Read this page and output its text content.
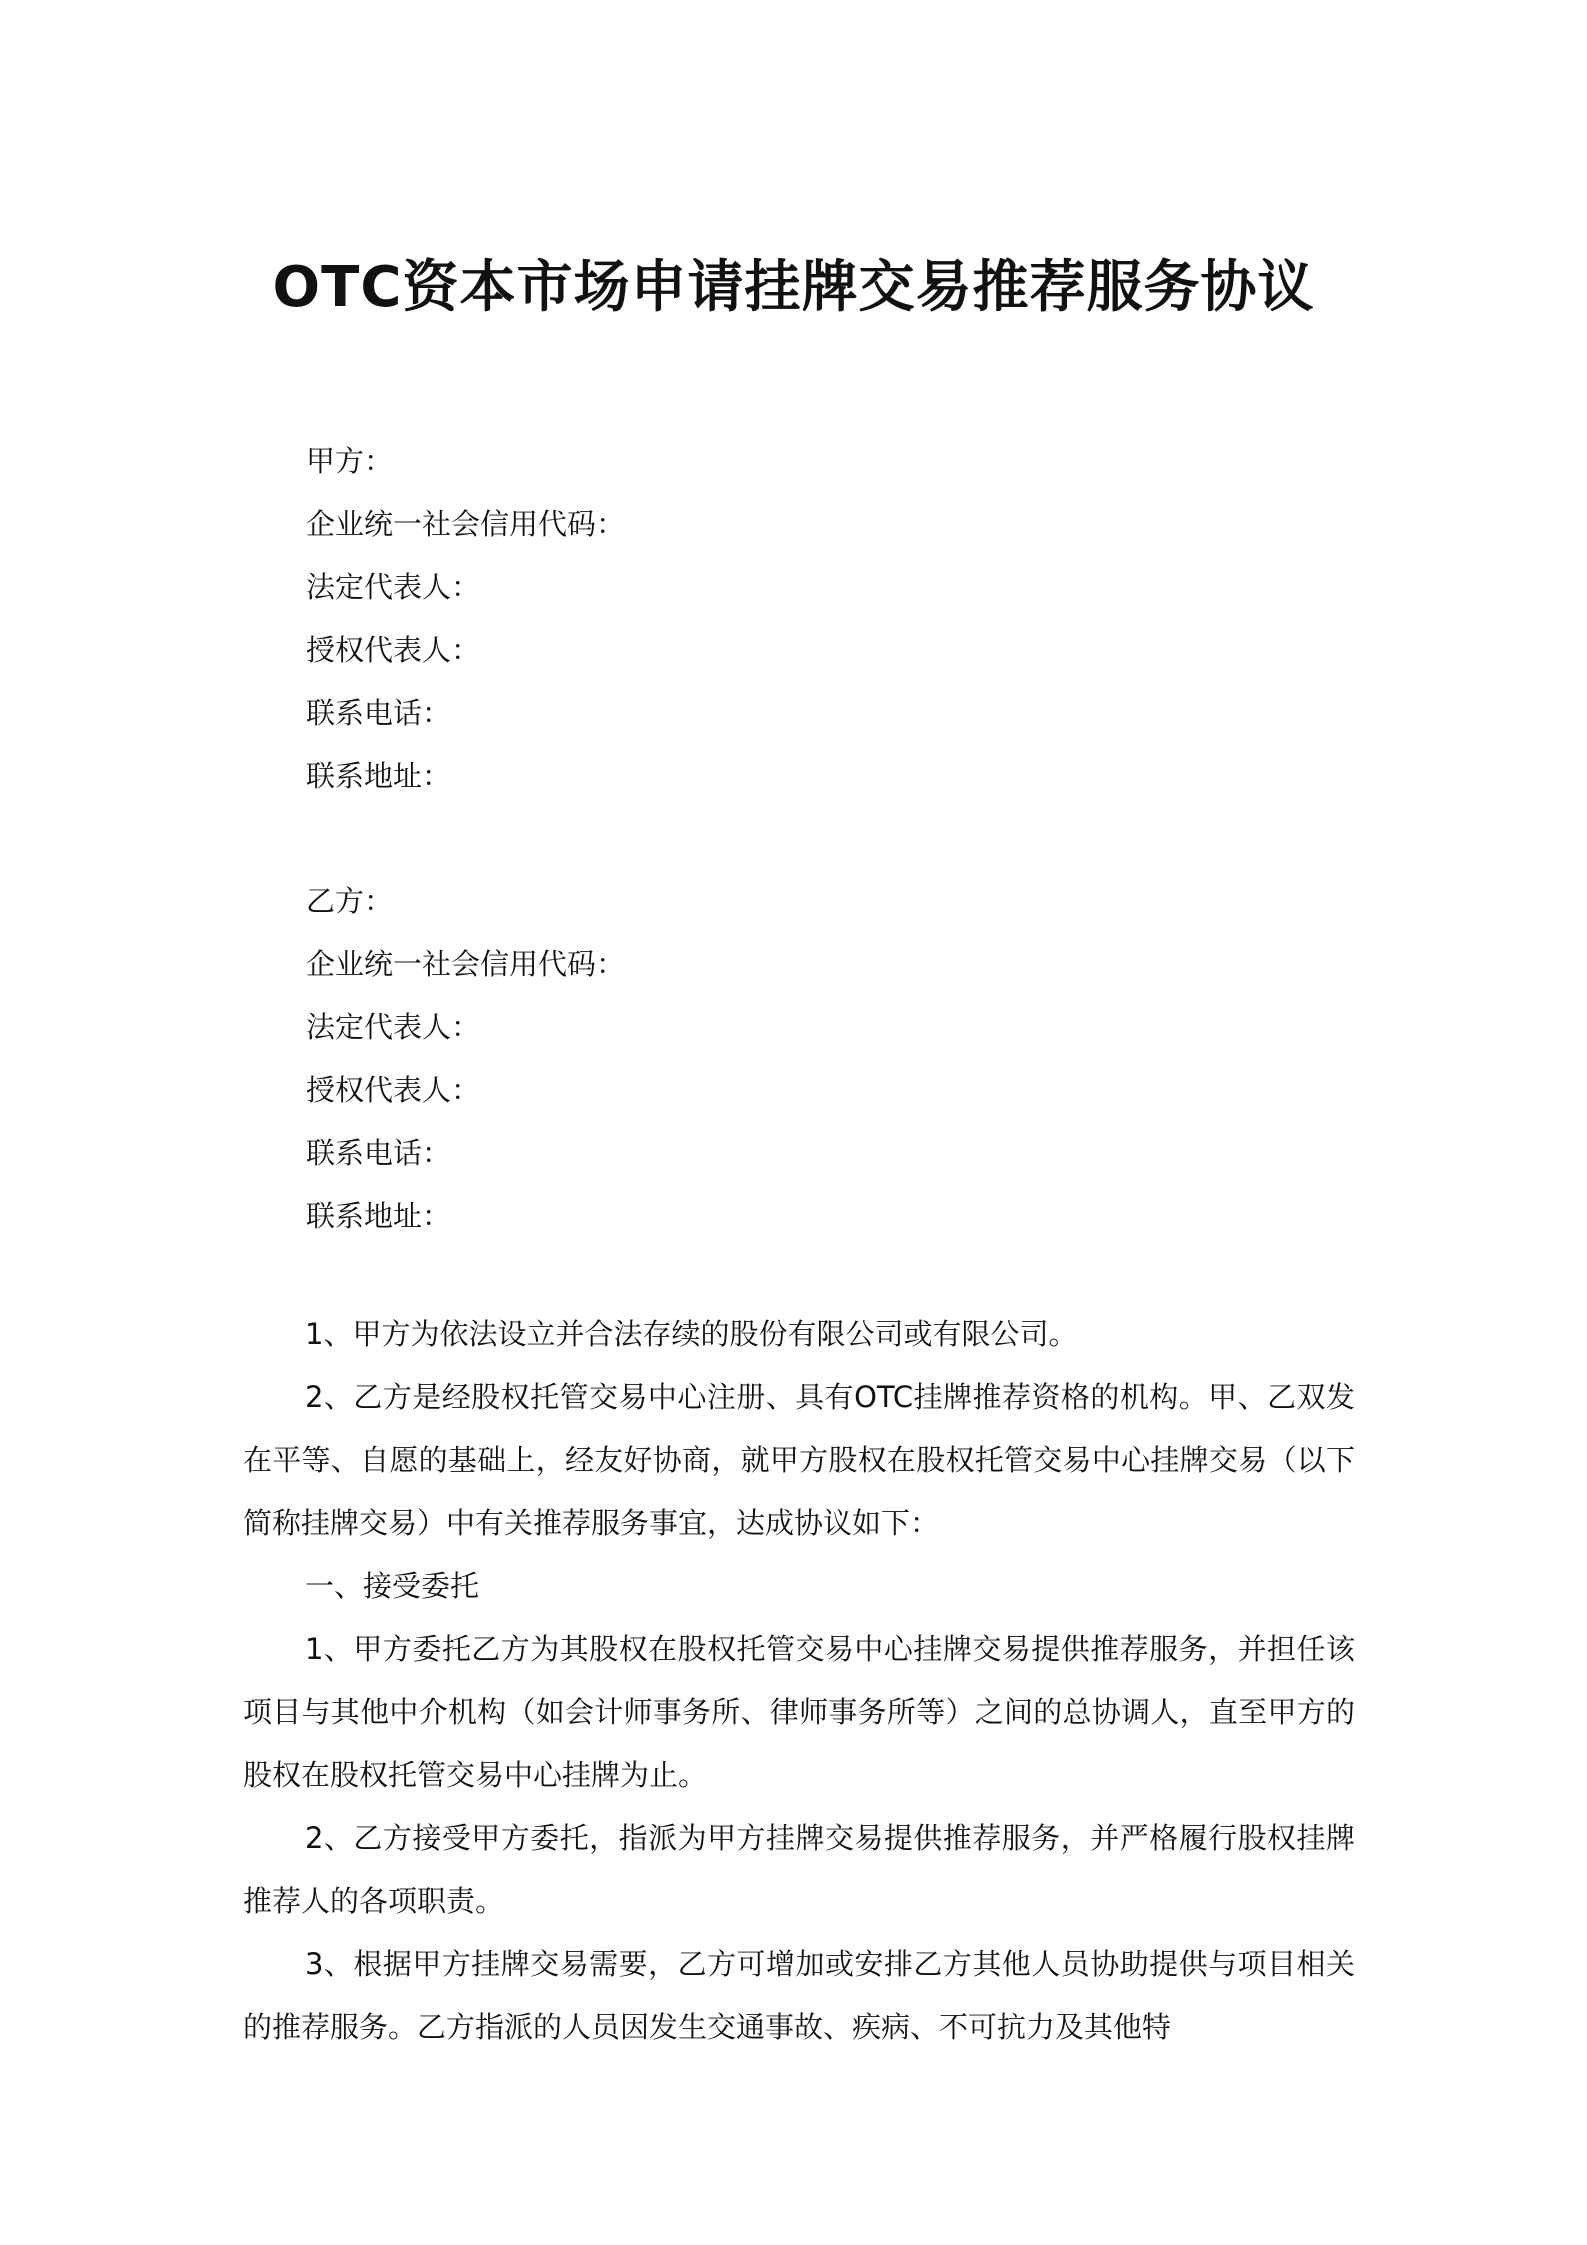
OTC资本市场申请挂牌交易推荐服务协议
甲方：
企业统一社会信用代码：
法定代表人：
授权代表人：
联系电话：
联系地址：
乙方：
企业统一社会信用代码：
法定代表人：
授权代表人：
联系电话：
联系地址：

1、甲方为依法设立并合法存续的股份有限公司或有限公司。

2、乙方是经股权托管交易中心注册、具有OTC挂牌推荐资格的机构。甲、乙双发在平等、自愿的基础上，经友好协商，就甲方股权在股权托管交易中心挂牌交易（以下简称挂牌交易）中有关推荐服务事宜，达成协议如下：

一、接受委托

1、甲方委托乙方为其股权在股权托管交易中心挂牌交易提供推荐服务，并担任该项目与其他中介机构（如会计师事务所、律师事务所等）之间的总协调人，直至甲方的股权在股权托管交易中心挂牌为止。

2、乙方接受甲方委托，指派为甲方挂牌交易提供推荐服务，并严格履行股权挂牌推荐人的各项职责。

3、根据甲方挂牌交易需要，乙方可增加或安排乙方其他人员协助提供与项目相关的推荐服务。乙方指派的人员因发生交通事故、疾病、不可抗力及其他特
